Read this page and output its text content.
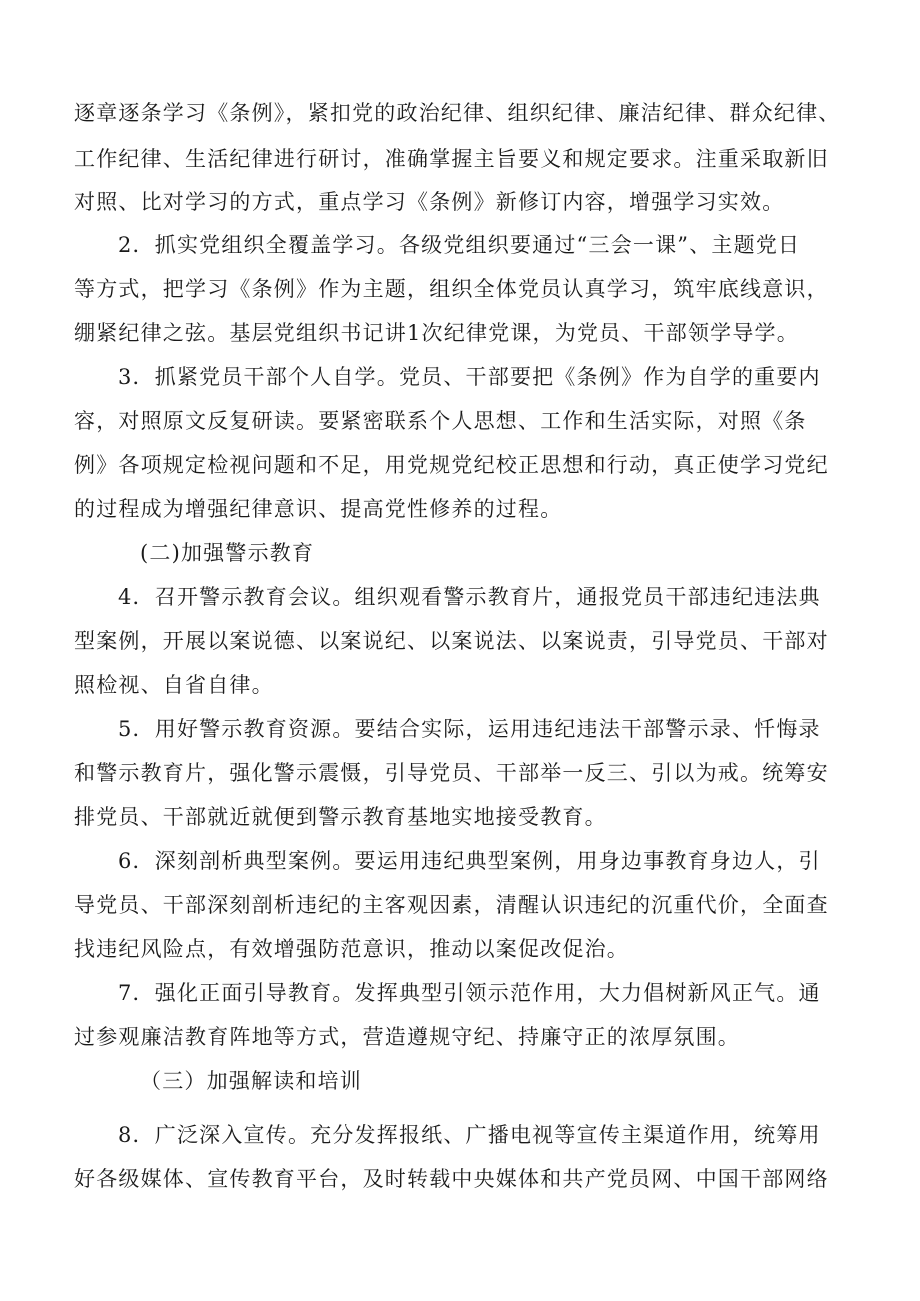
逐章逐条学习《条例》，紧扣党的政治纪律、组织纪律、廉洁纪律、群众纪律、
工作纪律、生活纪律进行研讨，准确掌握主旨要义和规定要求。注重采取新旧
对照、比对学习的方式，重点学习《条例》新修订内容，增强学习实效。
2．抓实党组织全覆盖学习。各级党组织要通过“三会一课”、主题党日
等方式，把学习《条例》作为主题，组织全体党员认真学习，筑牢底线意识，
绷紧纪律之弦。基层党组织书记讲1次纪律党课，为党员、干部领学导学。
3．抓紧党员干部个人自学。党员、干部要把《条例》作为自学的重要内
容，对照原文反复研读。要紧密联系个人思想、工作和生活实际，对照《条
例》各项规定检视问题和不足，用党规党纪校正思想和行动，真正使学习党纪
的过程成为增强纪律意识、提高党性修养的过程。
(二)加强警示教育
4．召开警示教育会议。组织观看警示教育片，通报党员干部违纪违法典
型案例，开展以案说德、以案说纪、以案说法、以案说责，引导党员、干部对
照检视、自省自律。
5．用好警示教育资源。要结合实际，运用违纪违法干部警示录、忏悔录
和警示教育片，强化警示震慑，引导党员、干部举一反三、引以为戒。统筹安
排党员、干部就近就便到警示教育基地实地接受教育。
6．深刻剖析典型案例。要运用违纪典型案例，用身边事教育身边人，引
导党员、干部深刻剖析违纪的主客观因素，清醒认识违纪的沉重代价，全面查
找违纪风险点，有效增强防范意识，推动以案促改促治。
7．强化正面引导教育。发挥典型引领示范作用，大力倡树新风正气。通
过参观廉洁教育阵地等方式，营造遵规守纪、持廉守正的浓厚氛围。
（三）加强解读和培训
8．广泛深入宣传。充分发挥报纸、广播电视等宣传主渠道作用，统筹用
好各级媒体、宣传教育平台，及时转载中央媒体和共产党员网、中国干部网络
